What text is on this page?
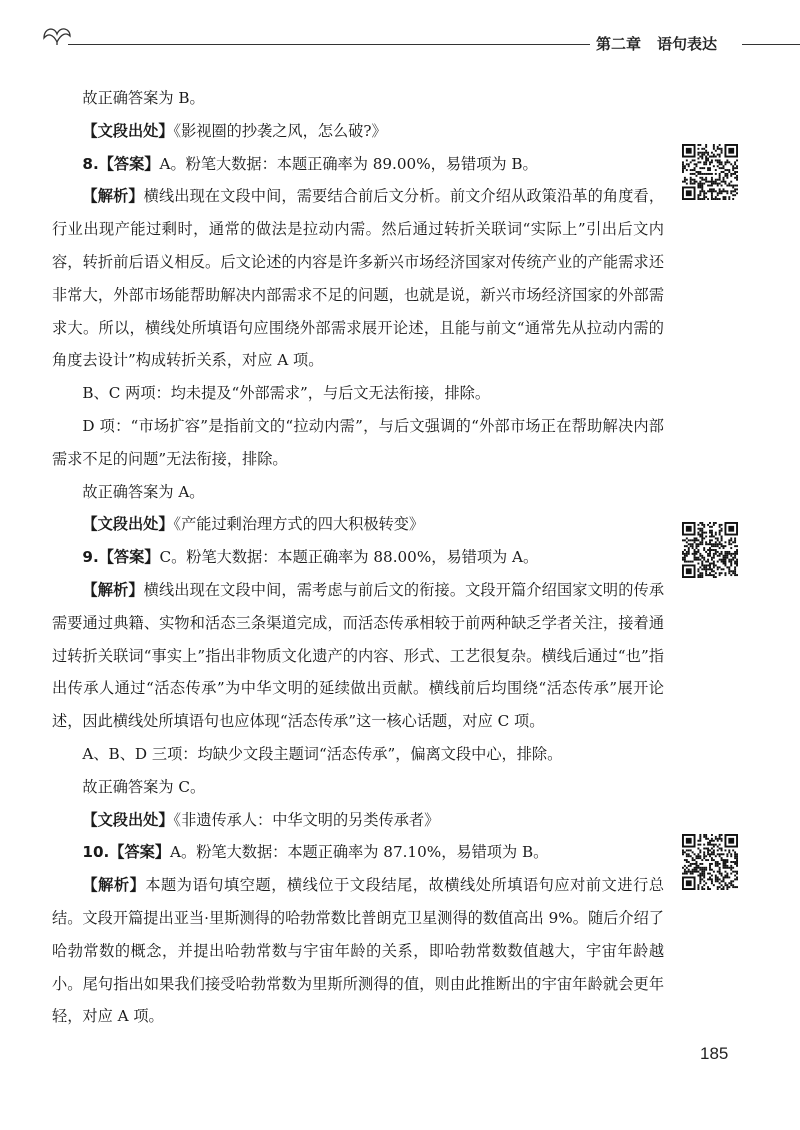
第二章 语句表达

故正确答案为 B。

【文段出处】《影视圈的抄袭之风，怎么破?》

8.【答案】A。粉笔大数据：本题正确率为 89.00%，易错项为 B。

【解析】横线出现在文段中间，需要结合前后文分析。前文介绍从政策沿革的角度看，行业出现产能过剩时，通常的做法是拉动内需。然后通过转折关联词“实际上”引出后文内容，转折前后语义相反。后文论述的内容是许多新兴市场经济国家对传统产业的产能需求还非常大，外部市场能帮助解决内部需求不足的问题，也就是说，新兴市场经济国家的外部需求大。所以，横线处所填语句应围绕外部需求展开论述，且能与前文“通常先从拉动内需的角度去设计”构成转折关系，对应 A 项。

B、C 两项：均未提及“外部需求”，与后文无法衔接，排除。

D 项：“市场扩容”是指前文的“拉动内需”，与后文强调的“外部市场正在帮助解决内部需求不足的问题”无法衔接，排除。

故正确答案为 A。

【文段出处】《产能过剩治理方式的四大积极转变》

9.【答案】C。粉笔大数据：本题正确率为 88.00%，易错项为 A。

【解析】横线出现在文段中间，需考虑与前后文的衔接。文段开篇介绍国家文明的传承需要通过典籍、实物和活态三条渠道完成，而活态传承相较于前两种缺乏学者关注，接着通过转折关联词“事实上”指出非物质文化遗产的内容、形式、工艺很复杂。横线后通过“也”指出传承人通过“活态传承”为中华文明的延续做出贡献。横线前后均围绕“活态传承”展开论述，因此横线处所填语句也应体现“活态传承”这一核心话题，对应 C 项。

A、B、D 三项：均缺少文段主题词“活态传承”，偏离文段中心，排除。

故正确答案为 C。

【文段出处】《非遗传承人：中华文明的另类传承者》

10.【答案】A。粉笔大数据：本题正确率为 87.10%，易错项为 B。

【解析】本题为语句填空题，横线位于文段结尾，故横线处所填语句应对前文进行总结。文段开篇提出亚当·里斯测得的哈勃常数比普朗克卫星测得的数值高出 9%。随后介绍了哈勃常数的概念，并提出哈勃常数与宇宙年龄的关系，即哈勃常数数值越大，宇宙年龄越小。尾句指出如果我们接受哈勃常数为里斯所测得的值，则由此推断出的宇宙年龄就会更年轻，对应 A 项。

185
